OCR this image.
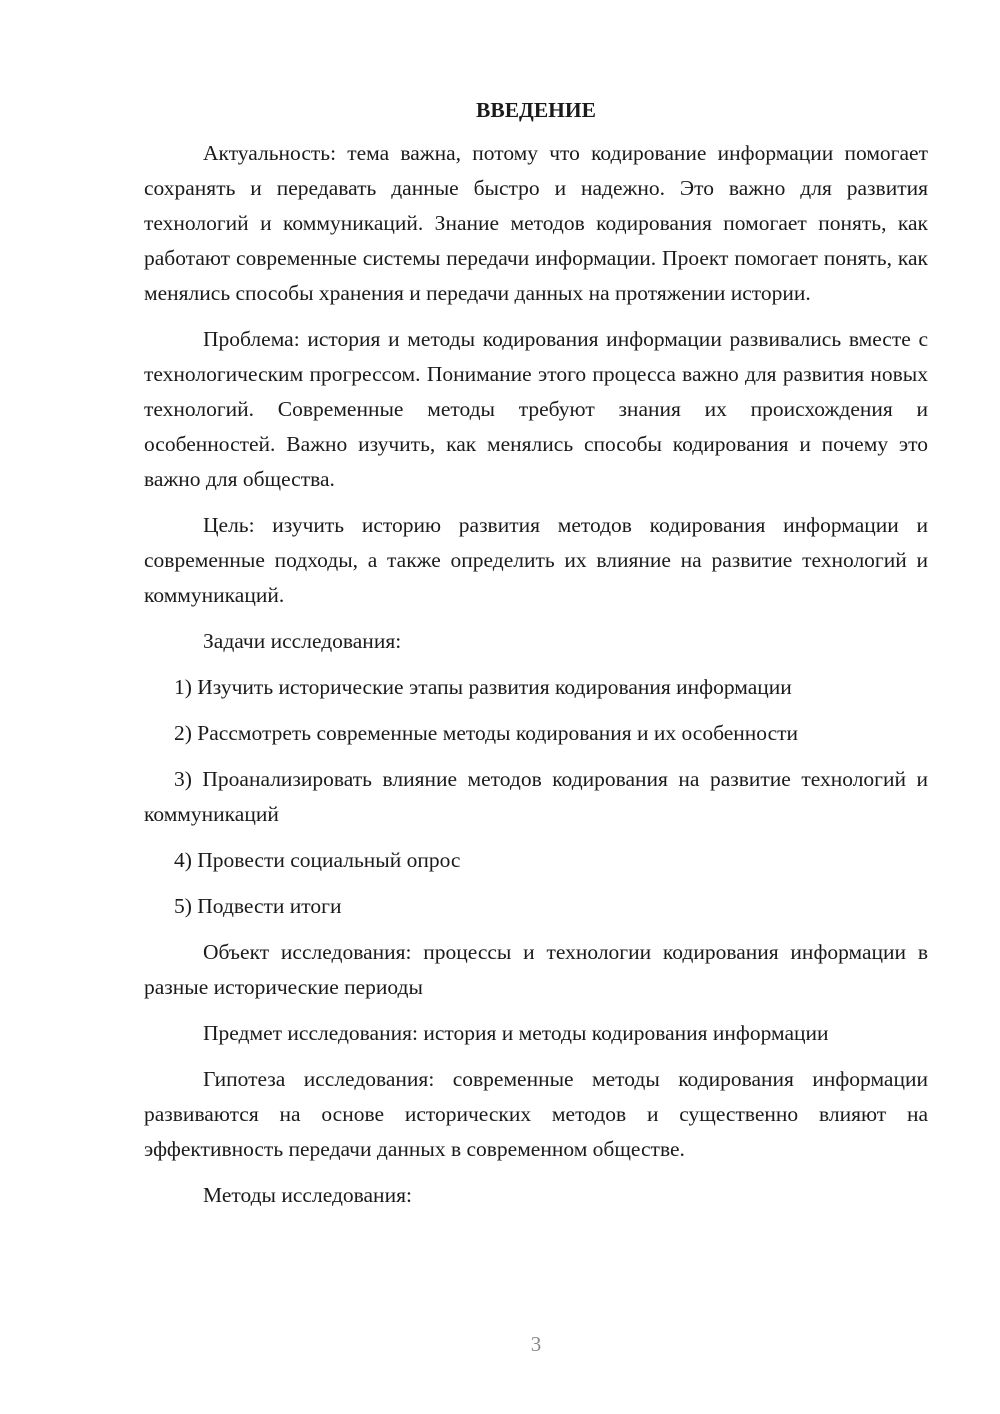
ВВЕДЕНИЕ

Актуальность: тема важна, потому что кодирование информации помогает сохранять и передавать данные быстро и надежно. Это важно для развития технологий и коммуникаций. Знание методов кодирования помогает понять, как работают современные системы передачи информации. Проект помогает понять, как менялись способы хранения и передачи данных на протяжении истории.

Проблема: история и методы кодирования информации развивались вместе с технологическим прогрессом. Понимание этого процесса важно для развития новых технологий. Современные методы требуют знания их происхождения и особенностей. Важно изучить, как менялись способы кодирования и почему это важно для общества.

Цель: изучить историю развития методов кодирования информации и современные подходы, а также определить их влияние на развитие технологий и коммуникаций.

Задачи исследования:

1) Изучить исторические этапы развития кодирования информации

2) Рассмотреть современные методы кодирования и их особенности

3) Проанализировать влияние методов кодирования на развитие технологий и коммуникаций

4) Провести социальный опрос

5) Подвести итоги

Объект исследования: процессы и технологии кодирования информации в разные исторические периоды

Предмет исследования: история и методы кодирования информации

Гипотеза исследования: современные методы кодирования информации развиваются на основе исторических методов и существенно влияют на эффективность передачи данных в современном обществе.

Методы исследования:

3
